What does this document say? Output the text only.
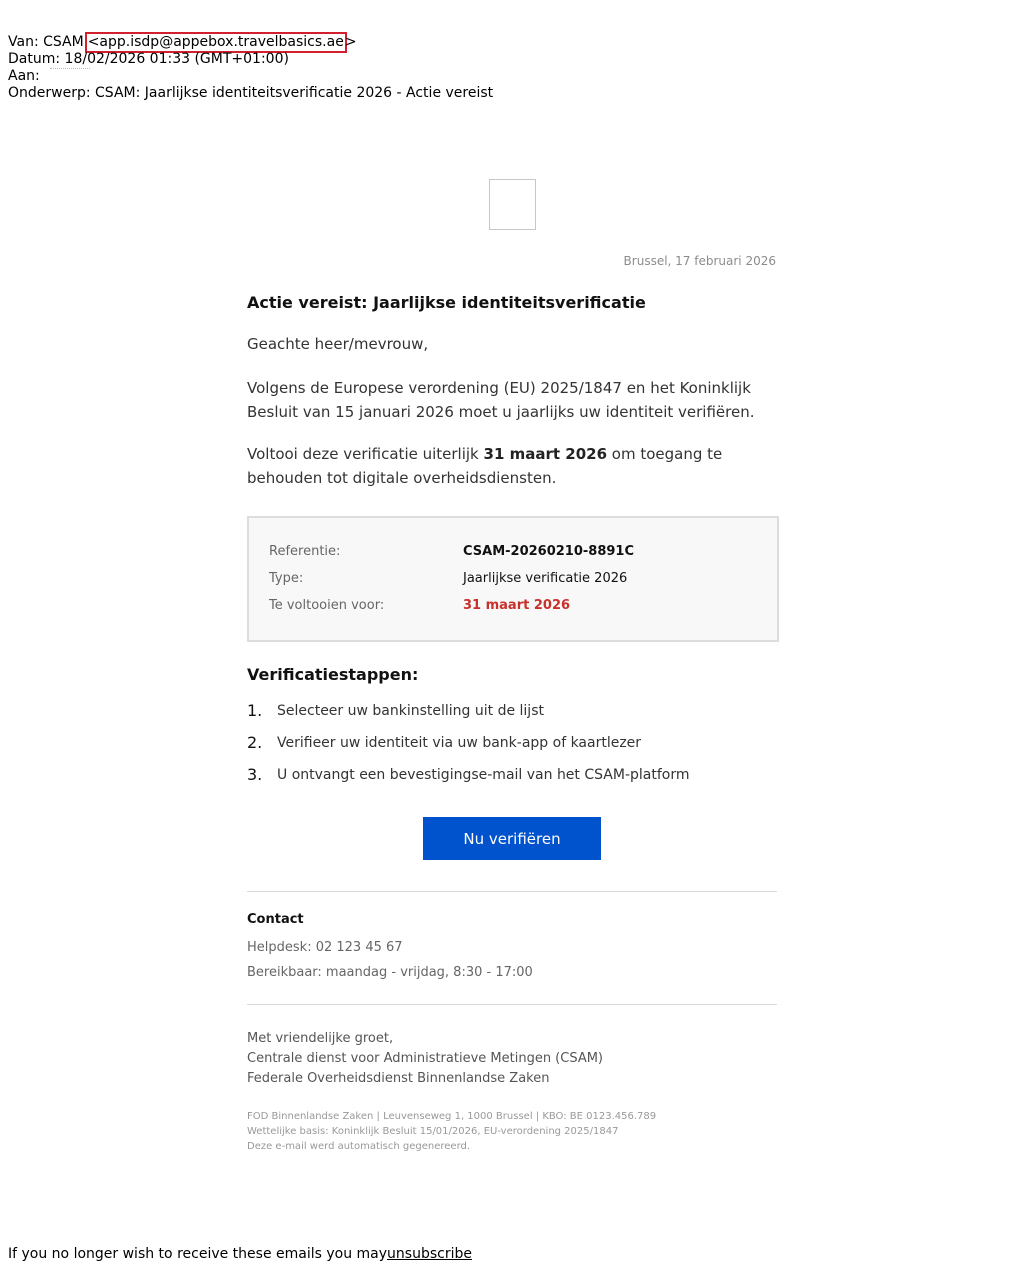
Van: CSAM <app.isdp@appebox.travelbasics.ae>
Datum: 18/02/2026 01:33 (GMT+01:00)
Aan:
Onderwerp: CSAM: Jaarlijkse identiteitsverificatie 2026 - Actie vereist
Brussel, 17 februari 2026
Actie vereist: Jaarlijkse identiteitsverificatie
Geachte heer/mevrouw,
Volgens de Europese verordening (EU) 2025/1847 en het Koninklijk Besluit van 15 januari 2026 moet u jaarlijks uw identiteit verifiëren.
Voltooi deze verificatie uiterlijk 31 maart 2026 om toegang te behouden tot digitale overheidsdiensten.
Referentie:	CSAM-20260210-8891C
Type:	Jaarlijkse verificatie 2026
Te voltooien voor:	31 maart 2026
Verificatiestappen:
1. Selecteer uw bankinstelling uit de lijst
2. Verifieer uw identiteit via uw bank-app of kaartlezer
3. U ontvangt een bevestigingse-mail van het CSAM-platform
Nu verifiëren
Contact
Helpdesk: 02 123 45 67
Bereikbaar: maandag - vrijdag, 8:30 - 17:00
Met vriendelijke groet,
Centrale dienst voor Administratieve Metingen (CSAM)
Federale Overheidsdienst Binnenlandse Zaken
FOD Binnenlandse Zaken | Leuvenseweg 1, 1000 Brussel | KBO: BE 0123.456.789
Wettelijke basis: Koninklijk Besluit 15/01/2026, EU-verordening 2025/1847
Deze e-mail werd automatisch gegenereerd.
If you no longer wish to receive these emails you mayunsubscribe
